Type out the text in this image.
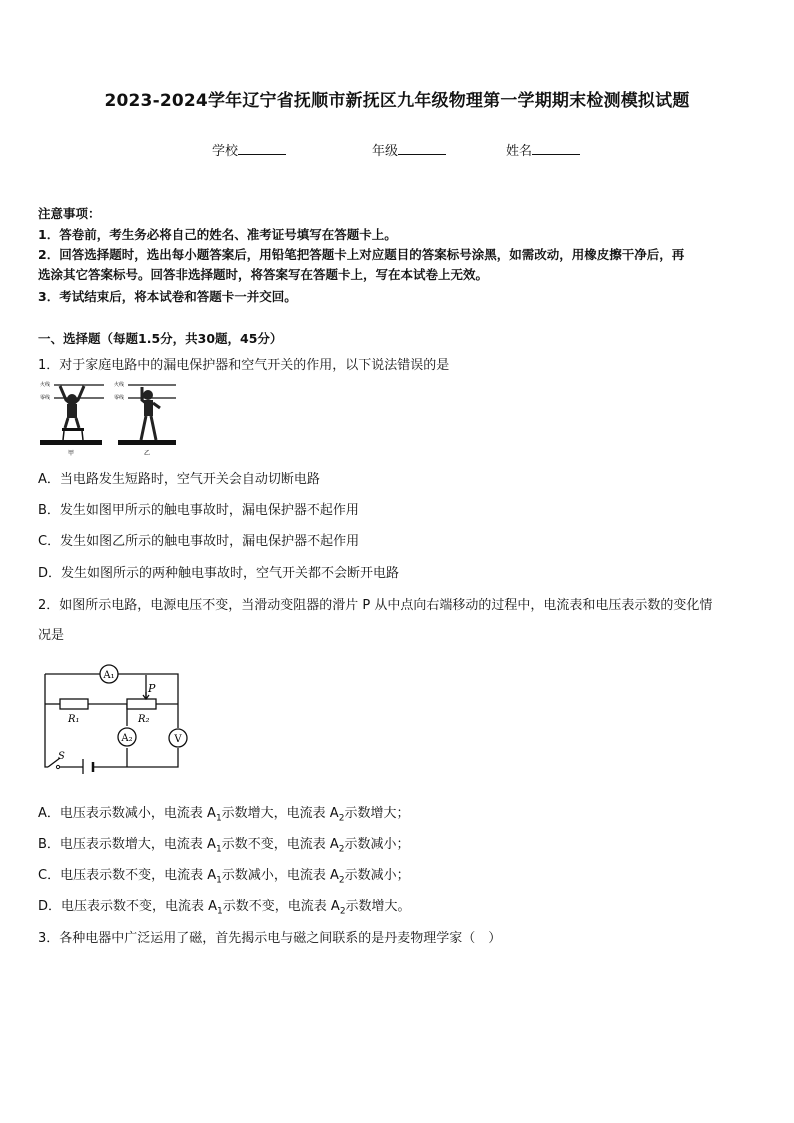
2023-2024学年辽宁省抚顺市新抚区九年级物理第一学期期末检测模拟试题
学校	年级	姓名
注意事项：
1．答卷前，考生务必将自己的姓名、准考证号填写在答题卡上。
2．回答选择题时，选出每小题答案后，用铅笔把答题卡上对应题目的答案标号涂黑，如需改动，用橡皮擦干净后，再
选涂其它答案标号。回答非选择题时，将答案写在答题卡上，写在本试卷上无效。
3．考试结束后，将本试卷和答题卡一并交回。
一、选择题（每题1.5分，共30题，45分）
1．对于家庭电路中的漏电保护器和空气开关的作用，以下说法错误的是
火线
零线
甲
火线
零线
乙
A．当电路发生短路时，空气开关会自动切断电路
B．发生如图甲所示的触电事故时，漏电保护器不起作用
C．发生如图乙所示的触电事故时，漏电保护器不起作用
D．发生如图所示的两种触电事故时，空气开关都不会断开电路
2．如图所示电路，电源电压不变，当滑动变阻器的滑片 P 从中点向右端移动的过程中，电流表和电压表示数的变化情
况是
A₁
A₂	V
R₁	R₂
P
S
A．电压表示数减小，电流表 $A_1$示数增大，电流表 $A_2$示数增大；
B．电压表示数增大，电流表 $A_1$示数不变，电流表 $A_2$示数减小；
C．电压表示数不变，电流表 $A_1$示数减小，电流表 $A_2$示数减小；
D．电压表示数不变，电流表 $A_1$示数不变，电流表 $A_2$示数增大。
3．各种电器中广泛运用了磁，首先揭示电与磁之间联系的是丹麦物理学家（　）
